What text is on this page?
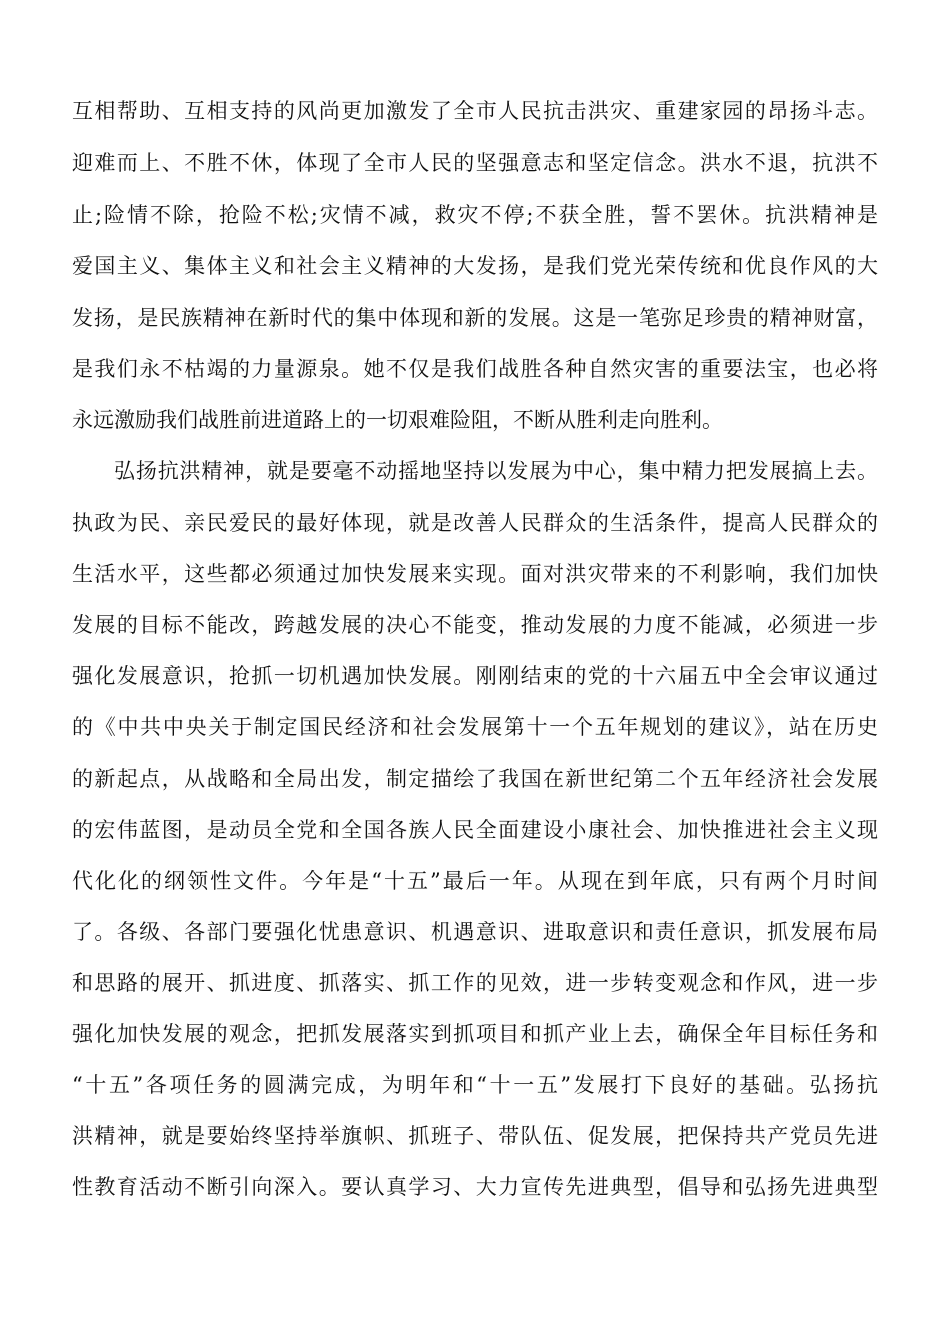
互相帮助、互相支持的风尚更加激发了全市人民抗击洪灾、重建家园的昂扬斗志。
迎难而上、不胜不休，体现了全市人民的坚强意志和坚定信念。洪水不退，抗洪不
止;险情不除，抢险不松;灾情不减，救灾不停;不获全胜，誓不罢休。抗洪精神是
爱国主义、集体主义和社会主义精神的大发扬，是我们党光荣传统和优良作风的大
发扬，是民族精神在新时代的集中体现和新的发展。这是一笔弥足珍贵的精神财富，
是我们永不枯竭的力量源泉。她不仅是我们战胜各种自然灾害的重要法宝，也必将
永远激励我们战胜前进道路上的一切艰难险阻，不断从胜利走向胜利。
弘扬抗洪精神，就是要毫不动摇地坚持以发展为中心，集中精力把发展搞上去。
执政为民、亲民爱民的最好体现，就是改善人民群众的生活条件，提高人民群众的
生活水平，这些都必须通过加快发展来实现。面对洪灾带来的不利影响，我们加快
发展的目标不能改，跨越发展的决心不能变，推动发展的力度不能减，必须进一步
强化发展意识，抢抓一切机遇加快发展。刚刚结束的党的十六届五中全会审议通过
的《中共中央关于制定国民经济和社会发展第十一个五年规划的建议》，站在历史
的新起点，从战略和全局出发，制定描绘了我国在新世纪第二个五年经济社会发展
的宏伟蓝图，是动员全党和全国各族人民全面建设小康社会、加快推进社会主义现
代化化的纲领性文件。今年是“十五”最后一年。从现在到年底，只有两个月时间
了。各级、各部门要强化忧患意识、机遇意识、进取意识和责任意识，抓发展布局
和思路的展开、抓进度、抓落实、抓工作的见效，进一步转变观念和作风，进一步
强化加快发展的观念，把抓发展落实到抓项目和抓产业上去，确保全年目标任务和
“十五”各项任务的圆满完成，为明年和“十一五”发展打下良好的基础。弘扬抗
洪精神，就是要始终坚持举旗帜、抓班子、带队伍、促发展，把保持共产党员先进
性教育活动不断引向深入。要认真学习、大力宣传先进典型，倡导和弘扬先进典型
